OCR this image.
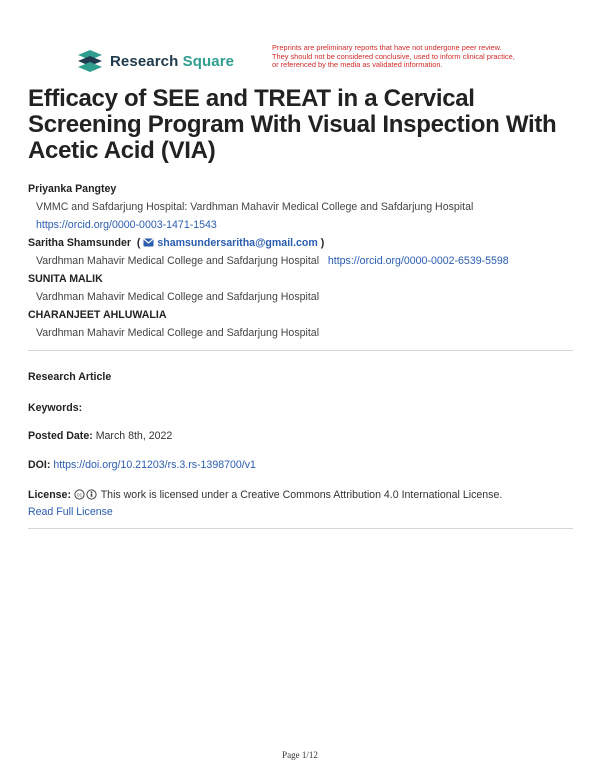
Research Square
Preprints are preliminary reports that have not undergone peer review.
They should not be considered conclusive, used to inform clinical practice,
or referenced by the media as validated information.
Efficacy of SEE and TREAT in a Cervical Screening Program With Visual Inspection With Acetic Acid (VIA)
Priyanka Pangtey
VMMC and Safdarjung Hospital: Vardhman Mahavir Medical College and Safdarjung Hospital
https://orcid.org/0000-0003-1471-1543
Saritha Shamsunder  (  shamsundersaritha@gmail.com )
Vardhman Mahavir Medical College and Safdarjung Hospital https://orcid.org/0000-0002-6539-5598
SUNITA MALIK
Vardhman Mahavir Medical College and Safdarjung Hospital
CHARANJEET AHLUWALIA
Vardhman Mahavir Medical College and Safdarjung Hospital
Research Article
Keywords:
Posted Date: March 8th, 2022
DOI: https://doi.org/10.21203/rs.3.rs-1398700/v1
License: cc This work is licensed under a Creative Commons Attribution 4.0 International License.
Read Full License
Page 1/12
